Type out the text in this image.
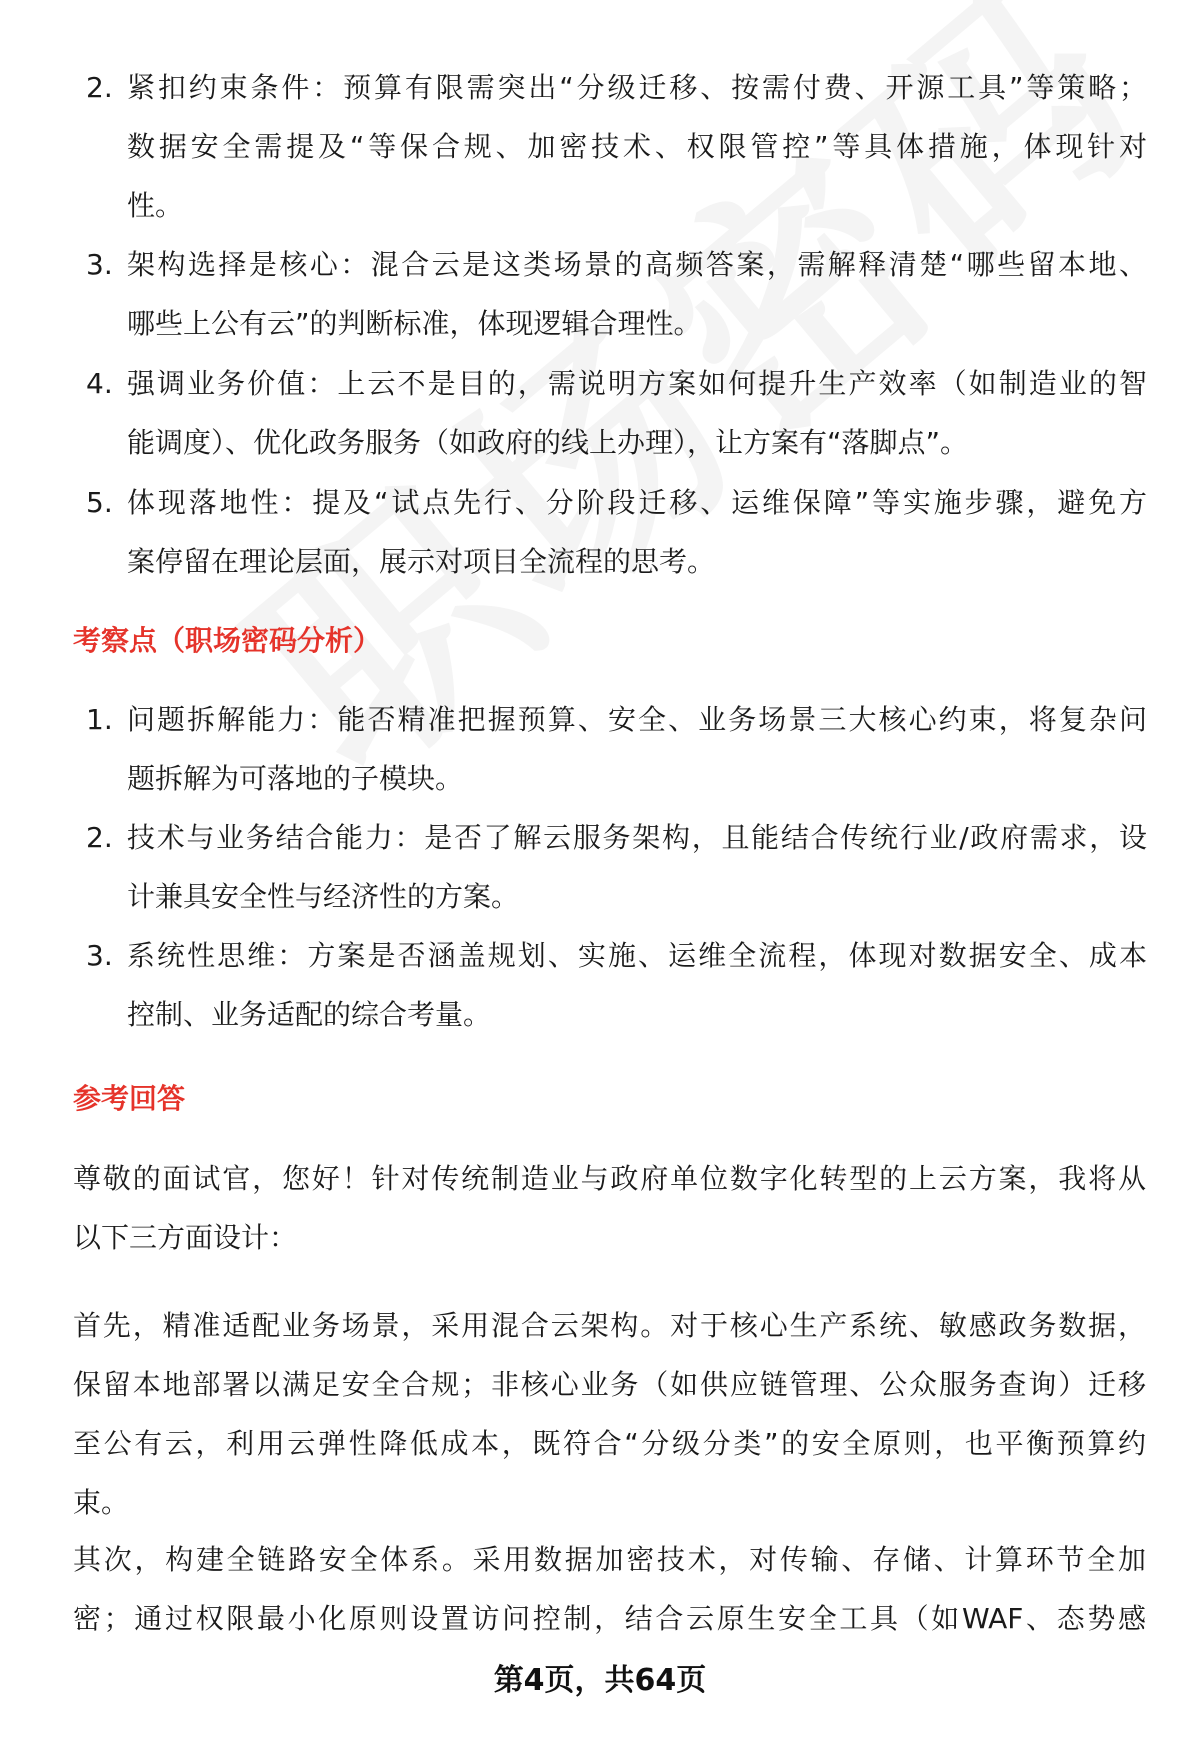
2. 紧扣约束条件：预算有限需突出“分级迁移、按需付费、开源工具”等策略；
数据安全需提及“等保合规、加密技术、权限管控”等具体措施，体现针对
性。
3. 架构选择是核心：混合云是这类场景的高频答案，需解释清楚“哪些留本地、
哪些上公有云”的判断标准，体现逻辑合理性。
4. 强调业务价值：上云不是目的，需说明方案如何提升生产效率（如制造业的智
能调度）、优化政务服务（如政府的线上办理），让方案有“落脚点”。
5. 体现落地性：提及“试点先行、分阶段迁移、运维保障”等实施步骤，避免方
案停留在理论层面，展示对项目全流程的思考。
考察点（职场密码分析）
1. 问题拆解能力：能否精准把握预算、安全、业务场景三大核心约束，将复杂问
题拆解为可落地的子模块。
2. 技术与业务结合能力：是否了解云服务架构，且能结合传统行业/政府需求，设
计兼具安全性与经济性的方案。
3. 系统性思维：方案是否涵盖规划、实施、运维全流程，体现对数据安全、成本
控制、业务适配的综合考量。
参考回答
尊敬的面试官，您好！针对传统制造业与政府单位数字化转型的上云方案，我将从
以下三方面设计：
首先，精准适配业务场景，采用混合云架构。对于核心生产系统、敏感政务数据，
保留本地部署以满足安全合规；非核心业务（如供应链管理、公众服务查询）迁移
至公有云，利用云弹性降低成本，既符合“分级分类”的安全原则，也平衡预算约
束。
其次，构建全链路安全体系。采用数据加密技术，对传输、存储、计算环节全加
密；通过权限最小化原则设置访问控制，结合云原生安全工具（如WAF、态势感
第4页，共64页
